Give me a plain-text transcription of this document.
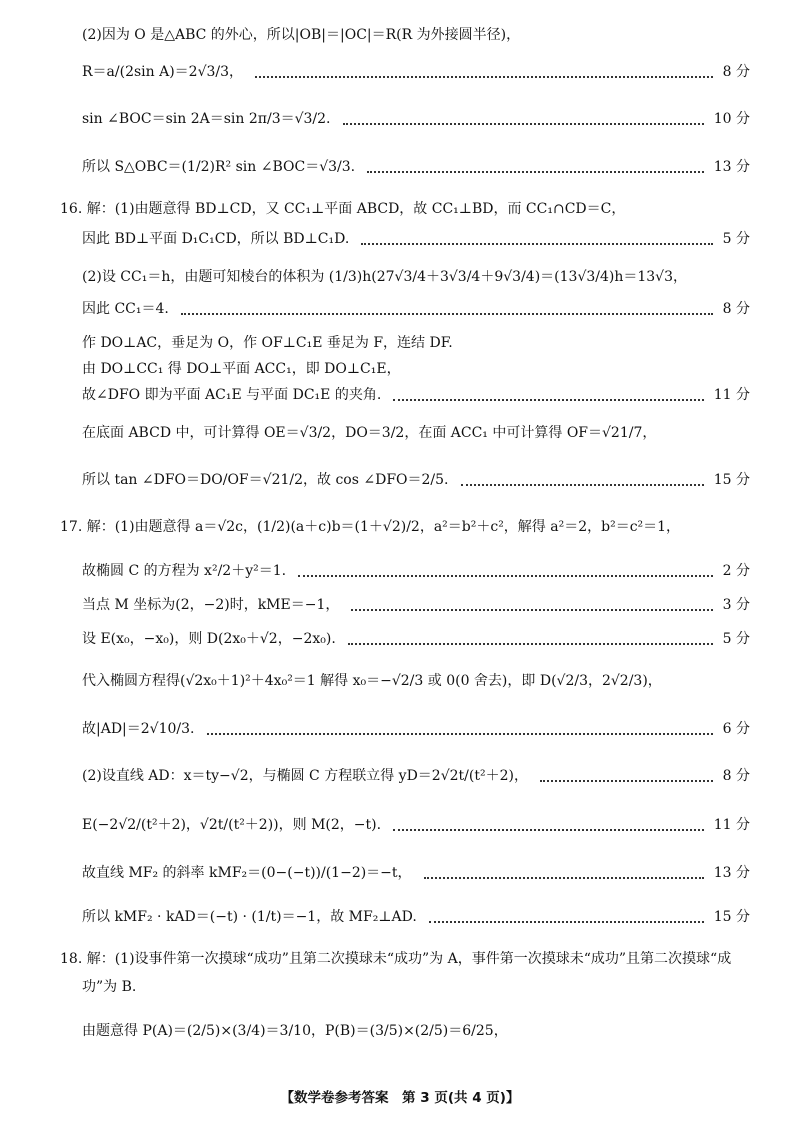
(2)因为 O 是△ABC 的外心，所以|OB|＝|OC|＝R(R 为外接圆半径)，
R＝a/(2sin A)＝2√3/3，	8 分
sin ∠BOC＝sin 2A＝sin 2π/3＝√3/2.	10 分
所以 S△OBC＝(1/2)R² sin ∠BOC＝√3/3.	13 分
16. 解：(1)由题意得 BD⊥CD，又 CC₁⊥平面 ABCD，故 CC₁⊥BD，而 CC₁∩CD＝C，
因此 BD⊥平面 D₁C₁CD，所以 BD⊥C₁D.	5 分
(2)设 CC₁＝h，由题可知棱台的体积为 (1/3)h(27√3/4＋3√3/4＋9√3/4)＝(13√3/4)h＝13√3，
因此 CC₁＝4.	8 分
作 DO⊥AC，垂足为 O，作 OF⊥C₁E 垂足为 F，连结 DF.
由 DO⊥CC₁ 得 DO⊥平面 ACC₁，即 DO⊥C₁E，
故∠DFO 即为平面 AC₁E 与平面 DC₁E 的夹角.	11 分
在底面 ABCD 中，可计算得 OE＝√3/2，DO＝3/2，在面 ACC₁ 中可计算得 OF＝√21/7，
所以 tan ∠DFO＝DO/OF＝√21/2，故 cos ∠DFO＝2/5.	15 分
17. 解：(1)由题意得 a＝√2c，(1/2)(a＋c)b＝(1＋√2)/2，a²＝b²＋c²，解得 a²＝2，b²＝c²＝1，
故椭圆 C 的方程为 x²/2＋y²＝1.	2 分
当点 M 坐标为(2，−2)时，kME＝−1，	3 分
设 E(x₀，−x₀)，则 D(2x₀＋√2，−2x₀).	5 分
代入椭圆方程得(√2x₀＋1)²＋4x₀²＝1 解得 x₀＝−√2/3 或 0(0 舍去)，即 D(√2/3，2√2/3)，
故|AD|＝2√10/3.	6 分
(2)设直线 AD：x＝ty−√2，与椭圆 C 方程联立得 yD＝2√2t/(t²＋2)，	8 分
E(−2√2/(t²＋2)，√2t/(t²＋2))，则 M(2，−t).	11 分
故直线 MF₂ 的斜率 kMF₂＝(0−(−t))/(1−2)＝−t，	13 分
所以 kMF₂ · kAD＝(−t) · (1/t)＝−1，故 MF₂⊥AD.	15 分
18. 解：(1)设事件第一次摸球“成功”且第二次摸球未“成功”为 A，事件第一次摸球未“成功”且第二次摸球“成
功”为 B.
由题意得 P(A)＝(2/5)×(3/4)＝3/10，P(B)＝(3/5)×(2/5)＝6/25，
【数学卷参考答案　第 3 页(共 4 页)】
